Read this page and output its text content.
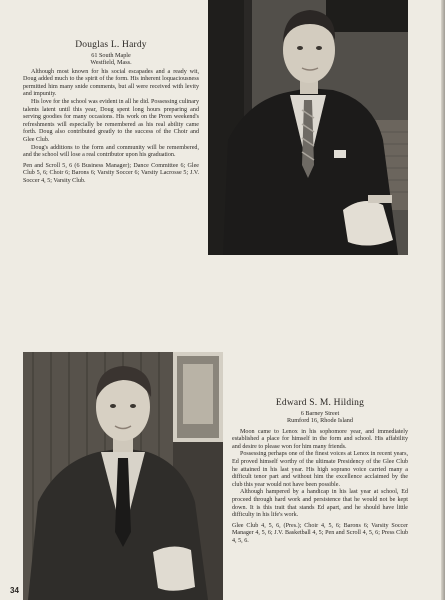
Douglas L. Hardy
61 South Maple
Westfield, Mass.

Although most known for his social escapades and a ready wit, Doug added much to the spirit of the form. His inherent loquaciousness permitted him many snide comments, but all were received with levity and impunity.

His love for the school was evident in all he did. Possessing culinary talents latent until this year, Doug spent long hours preparing and serving goodies for many occasions. His work on the Prom weekend's refreshments will especially be remembered as his real ability came forth. Doug also contributed greatly to the success of the Choir and Glee Club.

Doug's additions to the form and community will be remembered, and the school will lose a real contributor upon his graduation.

Pen and Scroll 5, 6 (6 Business Manager); Dance Committee 6; Glee Club 5, 6; Choir 6; Barons 6; Varsity Soccer 6; Varsity Lacrosse 5; J.V. Soccer 4, 5; Varsity Club.

Edward S. M. Hilding
6 Barney Street
Rumford 16, Rhode Island

Moon came to Lenox in his sophomore year, and immediately established a place for himself in the form and school. His affability and desire to please won for him many friends.

Possessing perhaps one of the finest voices at Lenox in recent years, Ed proved himself worthy of the ultimate Presidency of the Glee Club he attained in his last year. His high soprano voice carried many a difficult tenor part and without him the excellence acclaimed by the club this year would not have been possible.

Although hampered by a handicap in his last year at school, Ed proceed through hard work and persistence that he would not be kept down. It is this trait that stands Ed apart, and he should have little difficulty in his life's work.

Glee Club 4, 5, 6, (Pres.); Choir 4, 5, 6; Barons 6; Varsity Soccer Manager 4, 5, 6; J.V. Basketball 4, 5; Pen and Scroll 4, 5, 6; Press Club 4, 5, 6.

34
